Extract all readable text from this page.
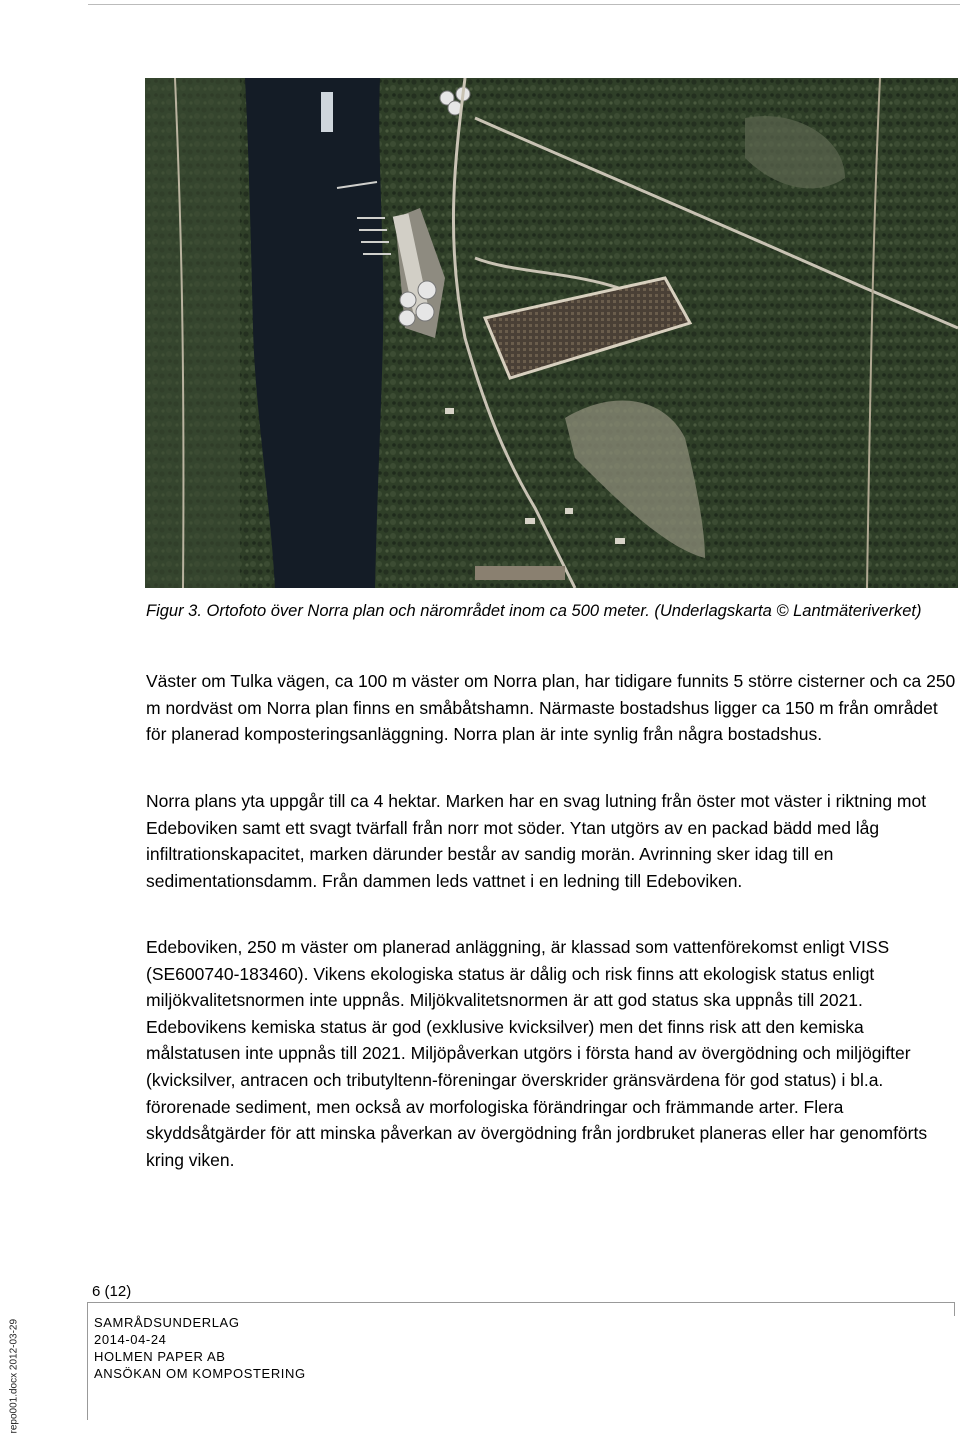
Figur 3. Ortofoto över Norra plan och närområdet inom ca 500 meter. (Underlagskarta © Lantmäteriverket)

Väster om Tulka vägen, ca 100 m väster om Norra plan, har tidigare funnits 5 större cisterner och ca 250 m nordväst om Norra plan finns en småbåtshamn. Närmaste bostadshus ligger ca 150 m från området för planerad komposteringsanläggning. Norra plan är inte synlig från några bostadshus.

Norra plans yta uppgår till ca 4 hektar. Marken har en svag lutning från öster mot väster i riktning mot Edeboviken samt ett svagt tvärfall från norr mot söder. Ytan utgörs av en packad bädd med låg infiltrationskapacitet, marken därunder består av sandig morän. Avrinning sker idag till en sedimentationsdamm. Från dammen leds vattnet i en ledning till Edeboviken.

Edeboviken, 250 m väster om planerad anläggning, är klassad som vattenförekomst enligt VISS (SE600740-183460). Vikens ekologiska status är dålig och risk finns att ekologisk status enligt miljökvalitetsnormen inte uppnås. Miljökvalitetsnormen är att god status ska uppnås till 2021. Edebovikens kemiska status är god (exklusive kvicksilver) men det finns risk att den kemiska målstatusen inte uppnås till 2021. Miljöpåverkan utgörs i första hand av övergödning och miljögifter (kvicksilver, antracen och tributyltenn-föreningar överskrider gränsvärdena för god status) i bl.a. förorenade sediment, men också av morfologiska förändringar och främmande arter. Flera skyddsåtgärder för att minska påverkan av övergödning från jordbruket planeras eller har genomförts kring viken.

6 (12)
SAMRÅDSUNDERLAG
2014-04-24
HOLMEN PAPER AB
ANSÖKAN OM KOMPOSTERING
repo001.docx 2012-03-29
